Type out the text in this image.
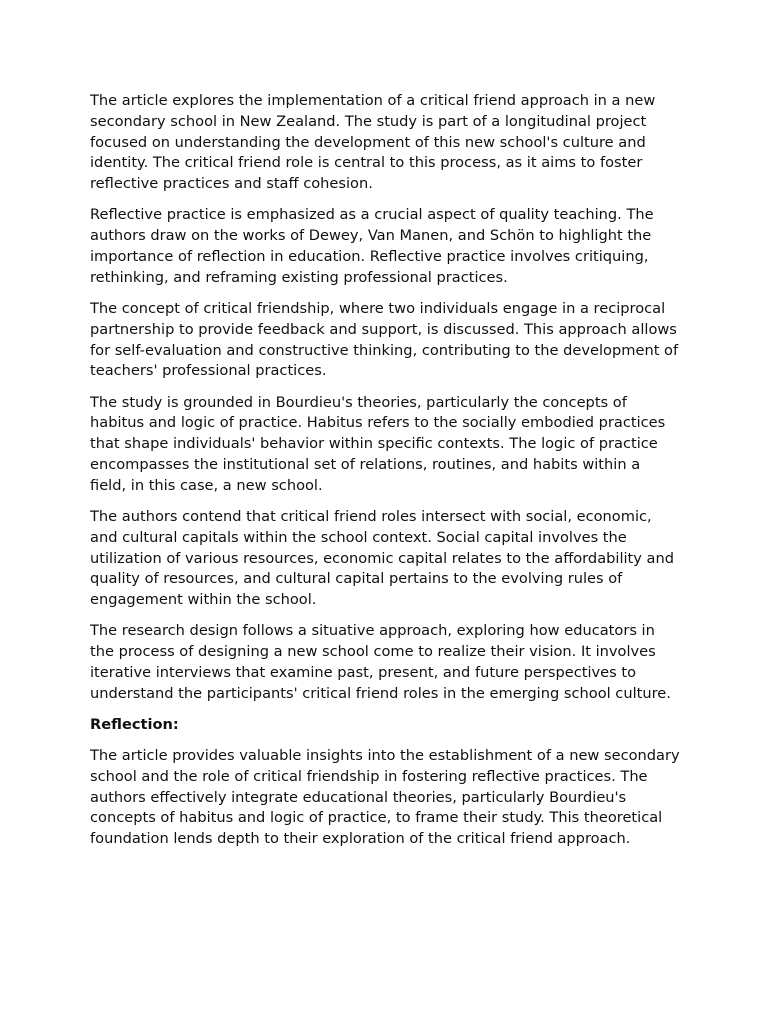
The article explores the implementation of a critical friend approach in a new secondary school in New Zealand. The study is part of a longitudinal project focused on understanding the development of this new school's culture and identity. The critical friend role is central to this process, as it aims to foster reflective practices and staff cohesion.

Reflective practice is emphasized as a crucial aspect of quality teaching. The authors draw on the works of Dewey, Van Manen, and Schön to highlight the importance of reflection in education. Reflective practice involves critiquing, rethinking, and reframing existing professional practices.

The concept of critical friendship, where two individuals engage in a reciprocal partnership to provide feedback and support, is discussed. This approach allows for self-evaluation and constructive thinking, contributing to the development of teachers' professional practices.

The study is grounded in Bourdieu's theories, particularly the concepts of habitus and logic of practice. Habitus refers to the socially embodied practices that shape individuals' behavior within specific contexts. The logic of practice encompasses the institutional set of relations, routines, and habits within a field, in this case, a new school.

The authors contend that critical friend roles intersect with social, economic, and cultural capitals within the school context. Social capital involves the utilization of various resources, economic capital relates to the affordability and quality of resources, and cultural capital pertains to the evolving rules of engagement within the school.

The research design follows a situative approach, exploring how educators in the process of designing a new school come to realize their vision. It involves iterative interviews that examine past, present, and future perspectives to understand the participants' critical friend roles in the emerging school culture.

Reflection:

The article provides valuable insights into the establishment of a new secondary school and the role of critical friendship in fostering reflective practices. The authors effectively integrate educational theories, particularly Bourdieu's concepts of habitus and logic of practice, to frame their study. This theoretical foundation lends depth to their exploration of the critical friend approach.
